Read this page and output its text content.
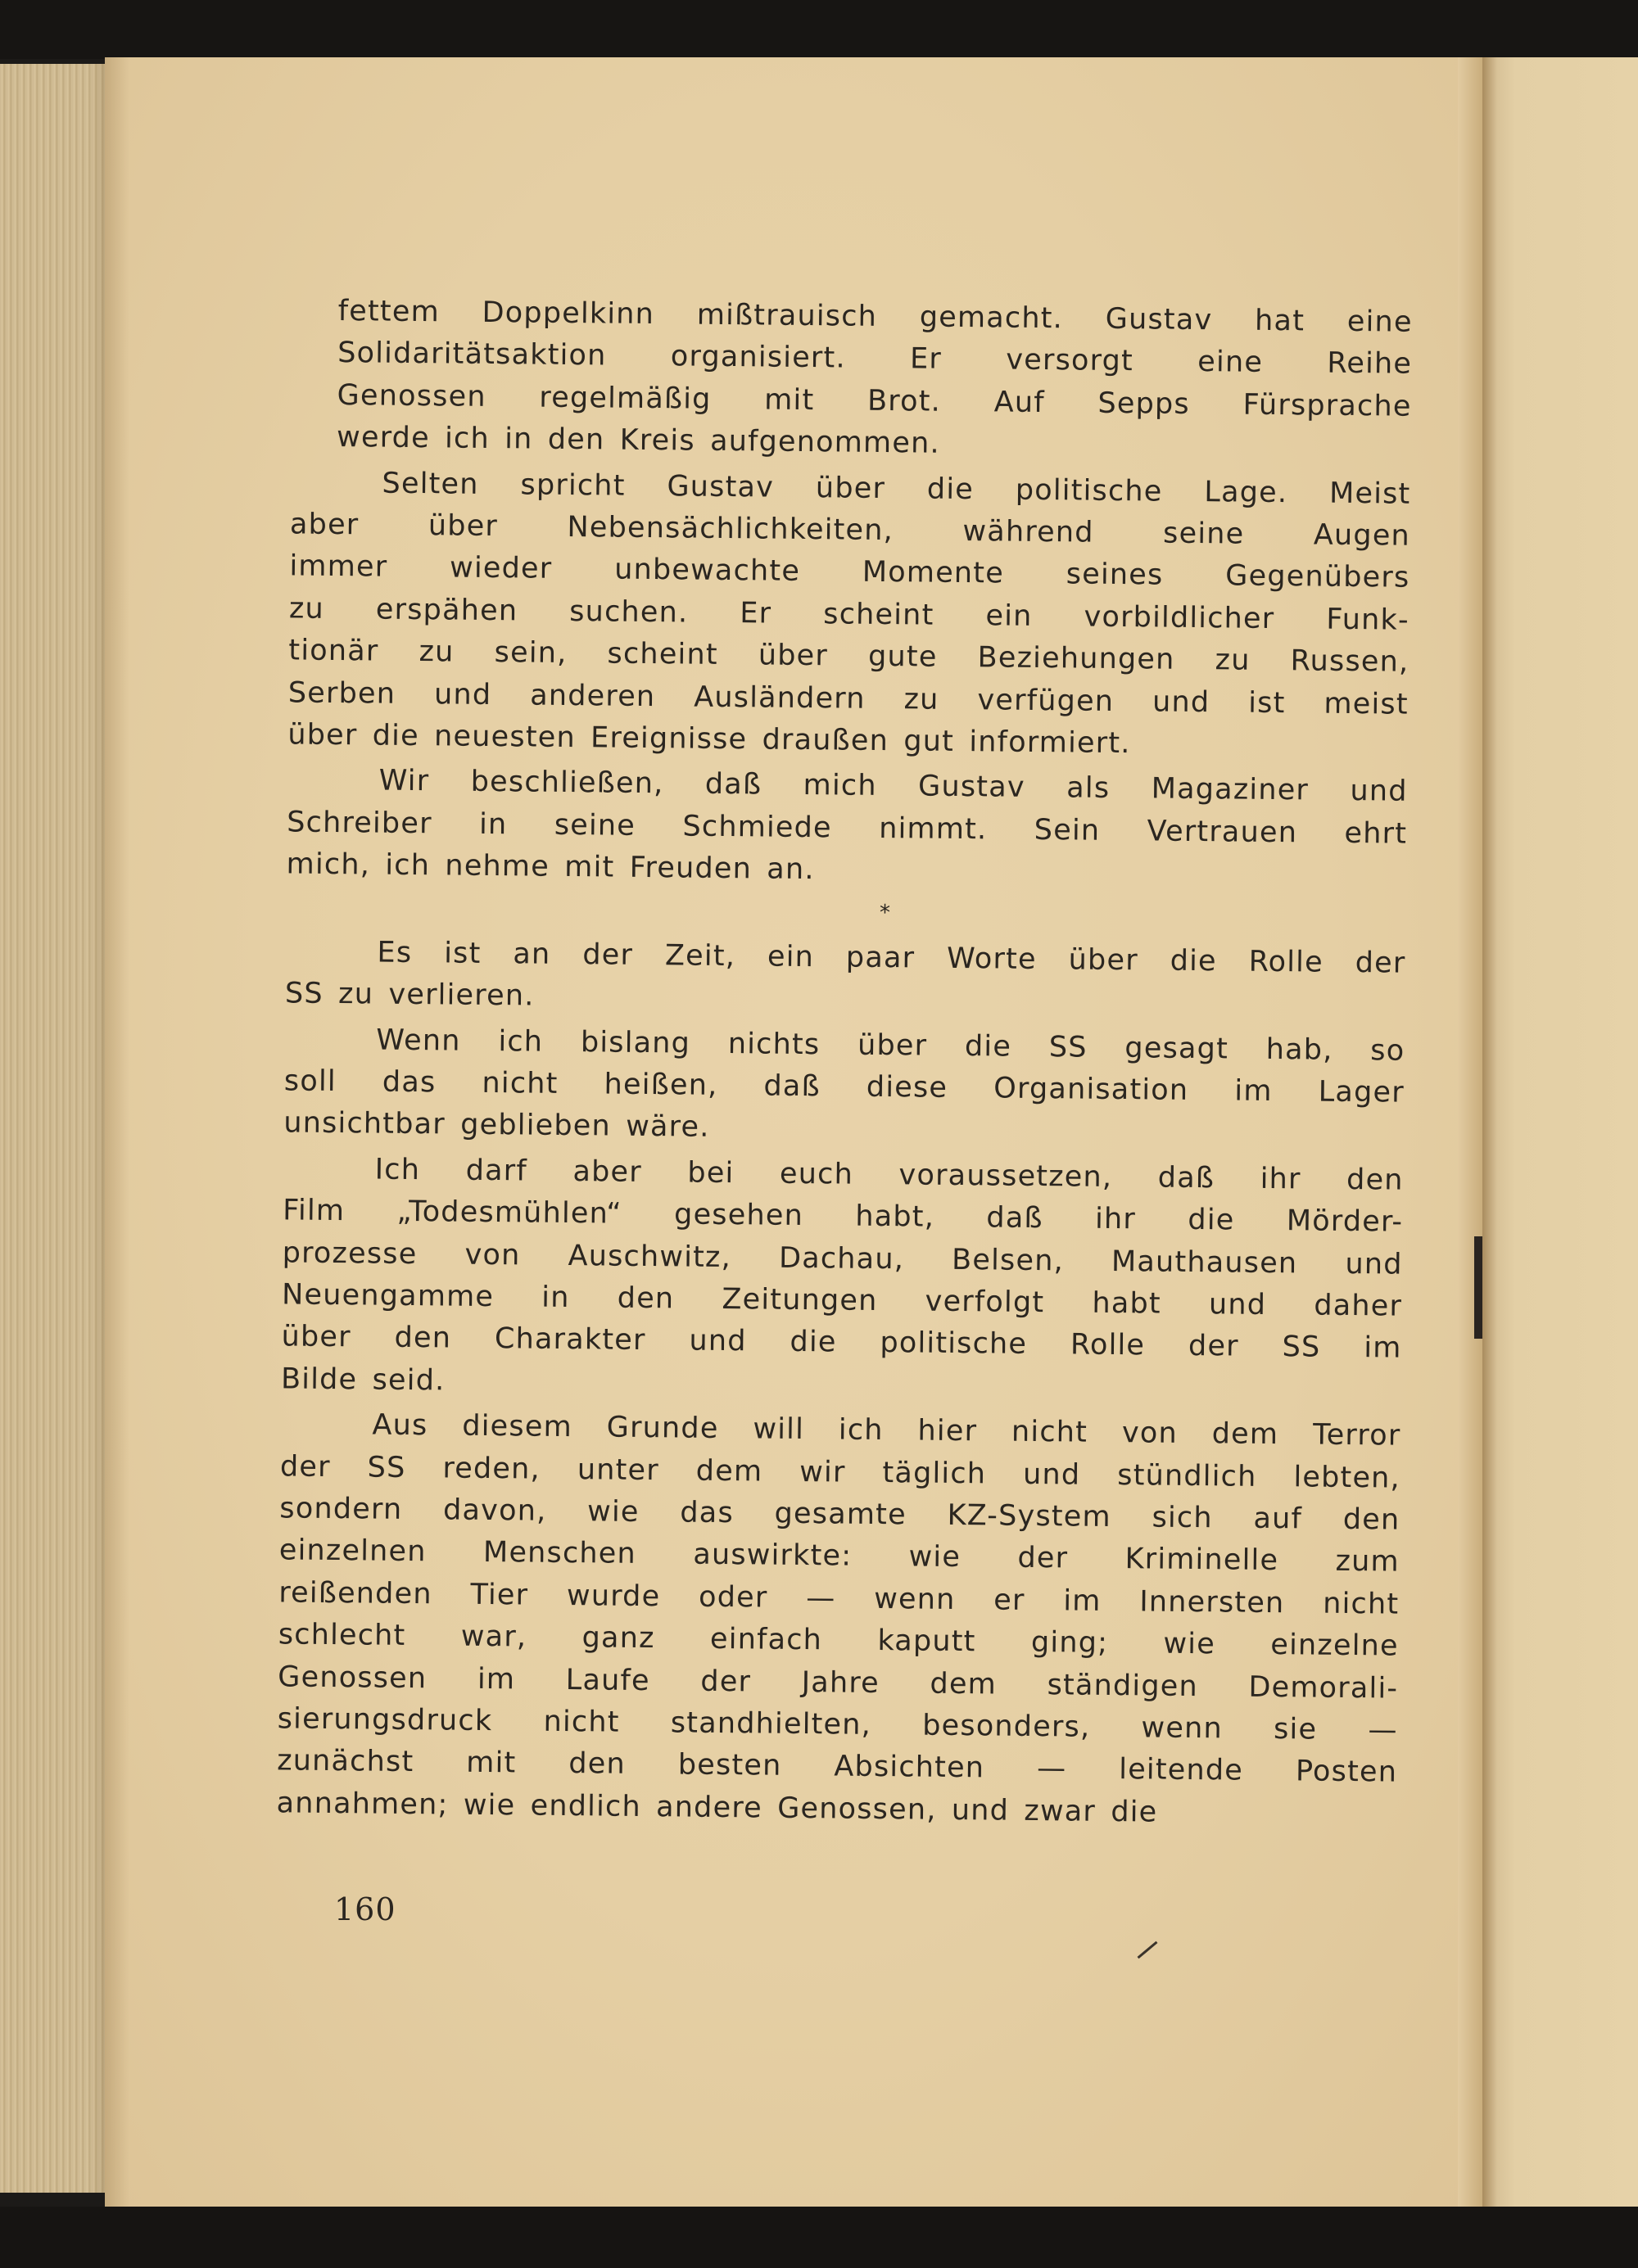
fettem Doppelkinn mißtrauisch gemacht. Gustav hat eine
Solidaritätsaktion organisiert. Er versorgt eine Reihe
Genossen regelmäßig mit Brot. Auf Sepps Fürsprache
werde ich in den Kreis aufgenommen.

Selten spricht Gustav über die politische Lage. Meist
aber über Nebensächlichkeiten, während seine Augen
immer wieder unbewachte Momente seines Gegenübers
zu erspähen suchen. Er scheint ein vorbildlicher Funk-
tionär zu sein, scheint über gute Beziehungen zu Russen,
Serben und anderen Ausländern zu verfügen und ist meist
über die neuesten Ereignisse draußen gut informiert.

Wir beschließen, daß mich Gustav als Magaziner und
Schreiber in seine Schmiede nimmt. Sein Vertrauen ehrt
mich, ich nehme mit Freuden an.

*

Es ist an der Zeit, ein paar Worte über die Rolle der
SS zu verlieren.

Wenn ich bislang nichts über die SS gesagt hab, so
soll das nicht heißen, daß diese Organisation im Lager
unsichtbar geblieben wäre.

Ich darf aber bei euch voraussetzen, daß ihr den
Film „Todesmühlen“ gesehen habt, daß ihr die Mörder-
prozesse von Auschwitz, Dachau, Belsen, Mauthausen und
Neuengamme in den Zeitungen verfolgt habt und daher
über den Charakter und die politische Rolle der SS im
Bilde seid.

Aus diesem Grunde will ich hier nicht von dem Terror
der SS reden, unter dem wir täglich und stündlich lebten,
sondern davon, wie das gesamte KZ-System sich auf den
einzelnen Menschen auswirkte: wie der Kriminelle zum
reißenden Tier wurde oder — wenn er im Innersten nicht
schlecht war, ganz einfach kaputt ging; wie einzelne
Genossen im Laufe der Jahre dem ständigen Demorali-
sierungsdruck nicht standhielten, besonders, wenn sie —
zunächst mit den besten Absichten — leitende Posten
annahmen; wie endlich andere Genossen, und zwar die

160
